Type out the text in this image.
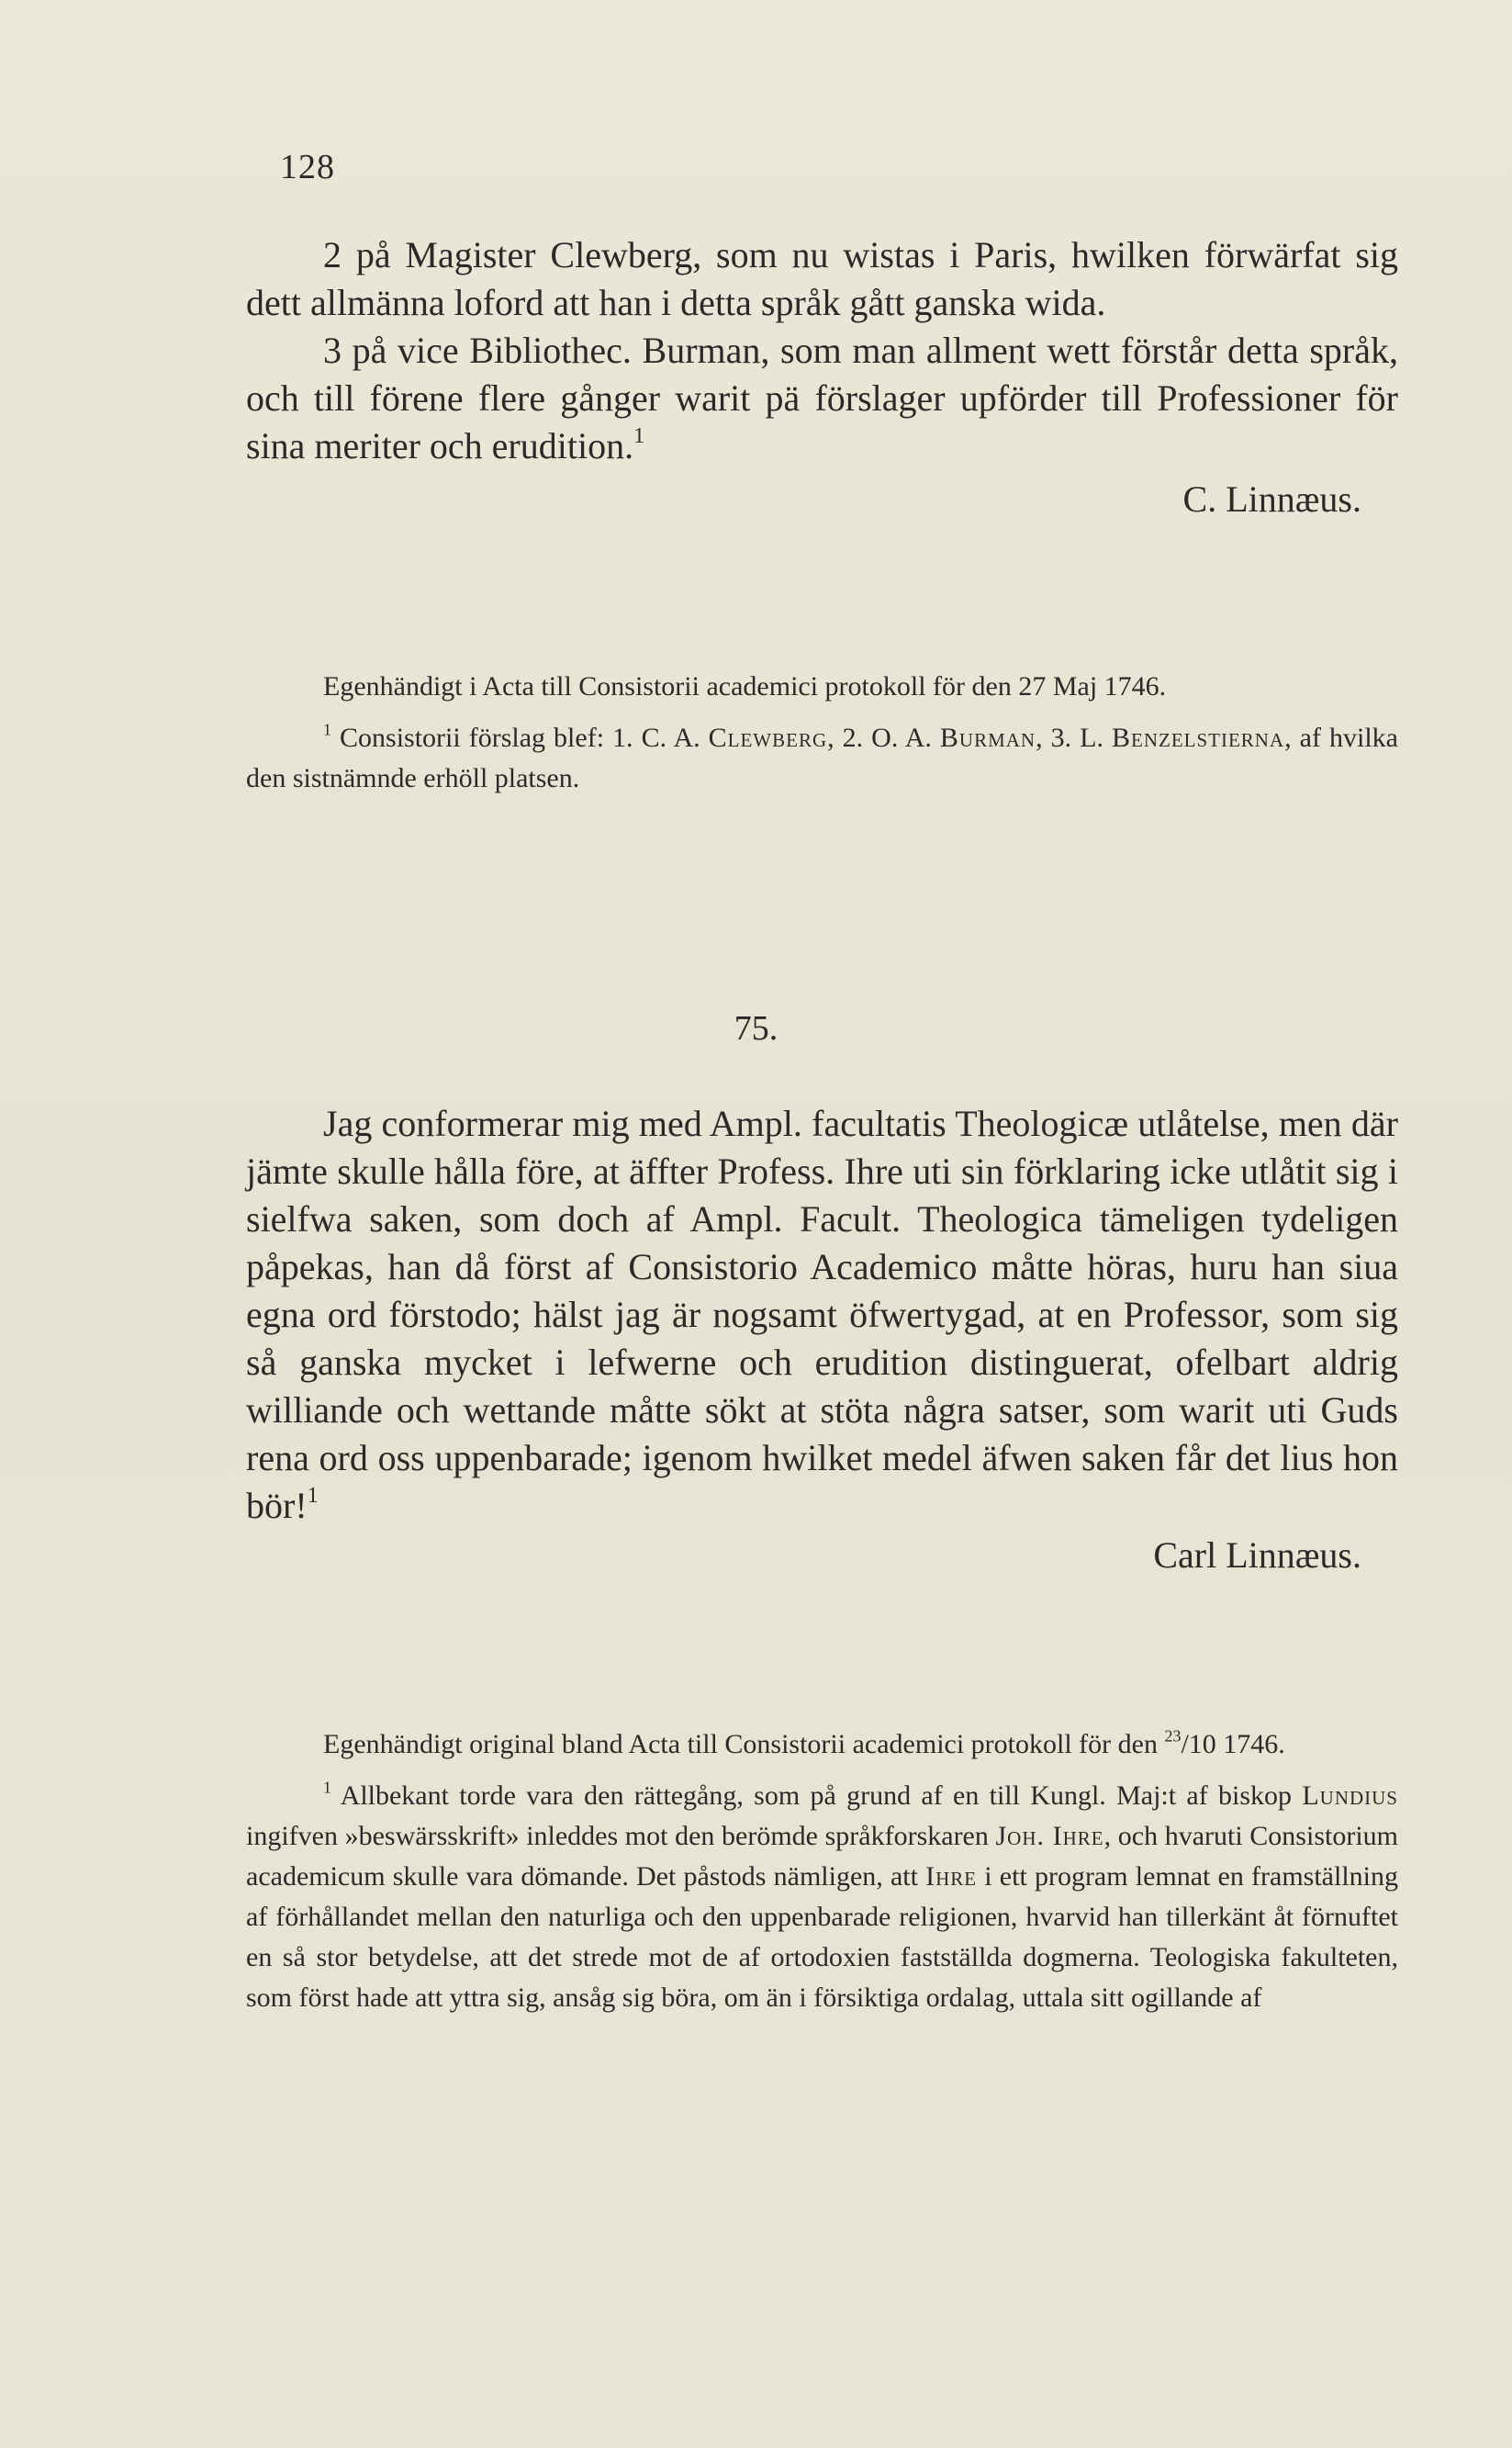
128

2 på Magister Clewberg, som nu wistas i Paris, hwilken förwärfat sig dett allmänna loford att han i detta språk gått ganska wida.

3 på vice Bibliothec. Burman, som man allment wett förstår detta språk, och till förene flere gånger warit pä förslager upförder till Professioner för sina meriter och erudition.$^1$

C. Linnæus.

Egenhändigt i Acta till Consistorii academici protokoll för den 27 Maj 1746.

$^1$ Consistorii förslag blef: 1. C. A. Clewberg, 2. O. A. Burman, 3. L. Benzelstierna, af hvilka den sistnämnde erhöll platsen.

75.

Jag conformerar mig med Ampl. facultatis Theologicæ utlåtelse, men där jämte skulle hålla före, at äffter Profess. Ihre uti sin förklaring icke utlåtit sig i sielfwa saken, som doch af Ampl. Facult. Theologica tämeligen tydeligen påpekas, han då först af Consistorio Academico måtte höras, huru han siua egna ord förstodo; hälst jag är nogsamt öfwertygad, at en Professor, som sig så ganska mycket i lefwerne och erudition distinguerat, ofelbart aldrig williande och wettande måtte sökt at stöta några satser, som warit uti Guds rena ord oss uppenbarade; igenom hwilket medel äfwen saken får det lius hon bör!$^1$

Carl Linnæus.

Egenhändigt original bland Acta till Consistorii academici protokoll för den $^{23}$/10 1746.

$^1$ Allbekant torde vara den rättegång, som på grund af en till Kungl. Maj:t af biskop Lundius ingifven »beswärsskrift» inleddes mot den berömde språkforskaren Joh. Ihre, och hvaruti Consistorium academicum skulle vara dömande. Det påstods nämligen, att Ihre i ett program lemnat en framställning af förhållandet mellan den naturliga och den uppenbarade religionen, hvarvid han tillerkänt åt förnuftet en så stor betydelse, att det strede mot de af ortodoxien fastställda dogmerna. Teologiska fakulteten, som först hade att yttra sig, ansåg sig böra, om än i försiktiga ordalag, uttala sitt ogillande af
